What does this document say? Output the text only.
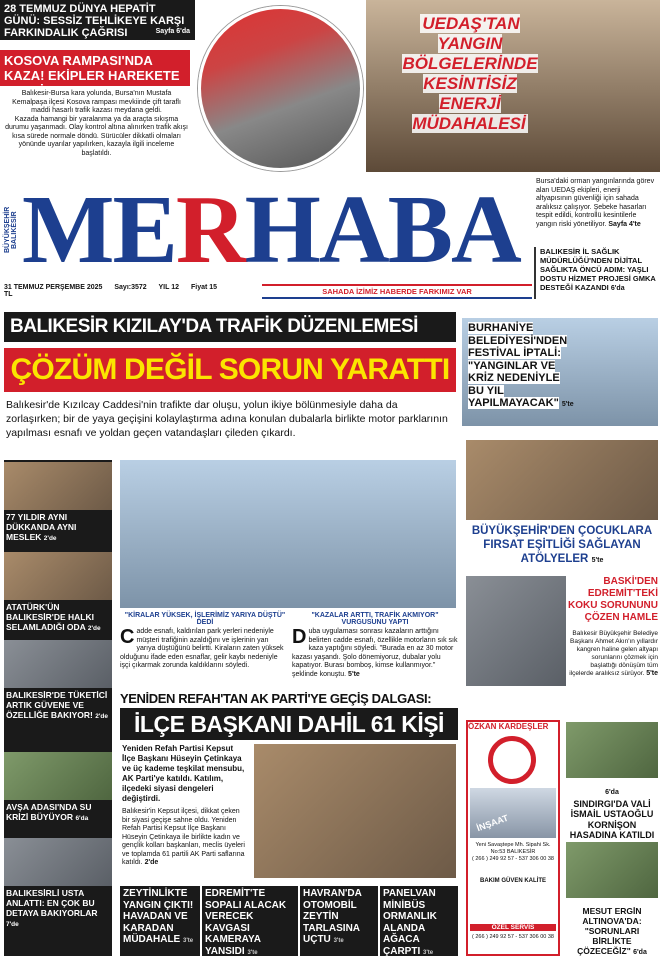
28 TEMMUZ DÜNYA HEPATİT GÜNÜ: SESSİZ TEHLİKEYE KARŞI FARKINDALIK ÇAĞRISI	Sayfa 6'da
KOSOVA RAMPASI'NDA KAZA! EKİPLER HAREKETE GEÇTİ

Balıkesir-Bursa kara yolunda, Bursa'nın Mustafa Kemalpaşa ilçesi Kosova rampası mevkiinde çift taraflı maddi hasarlı trafik kazası meydana geldi.

Kazada hamangi bir yaralanma ya da araçta sıkışma durumu yaşanmadı. Olay kontrol altına alınırken trafik akışı kısa sürede normale döndü. Sürücüler dikkatli olmaları yönünde uyarılar yapılırken, kazayla ilgili inceleme başlatıldı.

UEDAŞ'TAN YANGIN BÖLGELERİNDE KESİNTİSİZ ENERJİ MÜDAHALESİ
BÜYÜKŞEHİR BALIKESİR MERHABA
31 TEMMUZ PERŞEMBE 2025 Sayı:3572 YIL 12 Fiyat 15 TL	SAHADA İZİMİZ HABERDE FARKIMIZ VAR
Bursa'daki orman yangınlarında görev alan UEDAŞ ekipleri, enerji altyapısının güvenliği için sahada aralıksız çalışıyor. Şebeke hasarları tespit edildi, kontrollü kesintilerle yangın riski yönetiliyor. Sayfa 4'te
BALIKESİR İL SAĞLIK MÜDÜRLÜĞÜ'NDEN DİJİTAL SAĞLIKTA ÖNCÜ ADIM: YAŞLI DOSTU HİZMET PROJESİ GMKA DESTEĞİ KAZANDI 6'da
BALIKESİR KIZILAY'DA TRAFİK DÜZENLEMESİ
ÇÖZÜM DEĞİL SORUN YARATTI
Balıkesir'de Kızılcay Caddesi'nin trafikte dar oluşu, yolun ikiye bölünmesiyle daha da zorlaşırken; bir de yaya geçişini kolaylaştırma adına konulan dubalarla birlikte motor parklarının yapılması esnafı ve yoldan geçen vatandaşları çileden çıkardı.
BURHANİYE BELEDİYESİ'NDEN FESTİVAL İPTALİ: "YANGINLAR VE KRİZ NEDENİYLE BU YIL YAPILMAYACAK" 5'te
77 YILDIR AYNI DÜKKANDA AYNI MESLEK 2'de
ATATÜRK'ÜN BALIKESİR'DE HALKI SELAMLADIĞI ODA 2'de
BALIKESİR'DE TÜKETİCİ ARTIK GÜVENE VE ÖZELLİĞE BAKIYOR! 2'de
AVŞA ADASI'NDA SU KRİZİ BÜYÜYOR 6'da
BALIKESİRLİ USTA ANLATTI: EN ÇOK BU DETAYA BAKIYORLAR 7'de
"KİRALAR YÜKSEK, İŞLERİMİZ YARIYA DÜŞTÜ" DEDİ
"KAZALAR ARTTI, TRAFİK AKMIYOR" VURGUSUNU YAPTI
Cadde esnafı, kaldırılan park yerleri nedeniyle müşteri trafiğinin azaldığını ve işlerinin yarı yarıya düştüğünü belirtti. Kiraların zaten yüksek olduğunu ifade eden esnaflar, gelir kaybı nedeniyle işçi çıkarmak zorunda kaldıklarını söyledi.
Duba uygulaması sonrası kazaların arttığını belirten cadde esnafı, özellikle motorların sık sık kaza yaptığını söyledi. "Burada en az 30 motor kazası yaşandı. Şolo dönemiyoruz, dubalar yolu kapatıyor. Burası bomboş, kimse kullanmıyor." şeklinde konuştu. 5'te
YENİDEN REFAH'TAN AK PARTİ'YE GEÇİŞ DALGASI:
İLÇE BAŞKANI DAHİL 61 KİŞİ
Yeniden Refah Partisi Kepsut İlçe Başkanı Hüseyin Çetinkaya ve üç kademe teşkilat mensubu, AK Parti'ye katıldı. Katılım, ilçedeki siyasi dengeleri değiştirdi.
Balıkesir'in Kepsut ilçesi, dikkat çeken bir siyasi geçişe sahne oldu. Yeniden Refah Partisi Kepsut İlçe Başkanı Hüseyin Çetinkaya ile birlikte kadın ve gençlik kolları başkanları, meclis üyeleri ve toplamda 61 partili AK Parti saflarına katıldı. 2'de
ZEYTİNLİKTE YANGIN ÇIKTI! HAVADAN VE KARADAN MÜDAHALE 3'te
EDREMİT'TE SOPALI ALACAK VERECEK KAVGASI KAMERAYA YANSIDI 3'te
HAVRAN'DA OTOMOBİL ZEYTİN TARLASINA UÇTU 3'te
PANELVAN MİNİBÜS ORMANLIK ALANDA AĞACA ÇARPTI 3'te
BÜYÜKŞEHİR'DEN ÇOCUKLARA FIRSAT EŞİTLİĞİ SAĞLAYAN ATÖLYELER 5'te
BASKİ'DEN EDREMİT'TEKİ KOKU SORUNUNU ÇÖZEN HAMLE
Balıkesir Büyükşehir Belediye Başkanı Ahmet Akın'ın yıllardır kangren haline gelen altyapı sorunlarını çözmek için başlattığı dönüşüm tüm ilçelerde aralıksız sürüyor. 5'te
ÖZKAN KARDEŞLER
İNŞAAT
Yeni Savaştepe Mh. Sipahi Sk. No:53 BALIKESİR
( 266 ) 249 92 57 - 537 306 00 38
BAKIM GÜVEN KALİTE
ÖZEL SERVİS
( 266 ) 249 92 57 - 537 306 00 38
6'da
SINDIRGI'DA VALİ İSMAİL USTAOĞLU KORNİŞON HASADINA KATILDI
MESUT ERGİN ALTINOVA'DA: "SORUNLARI BİRLİKTE ÇÖZECEĞİZ" 6'da
